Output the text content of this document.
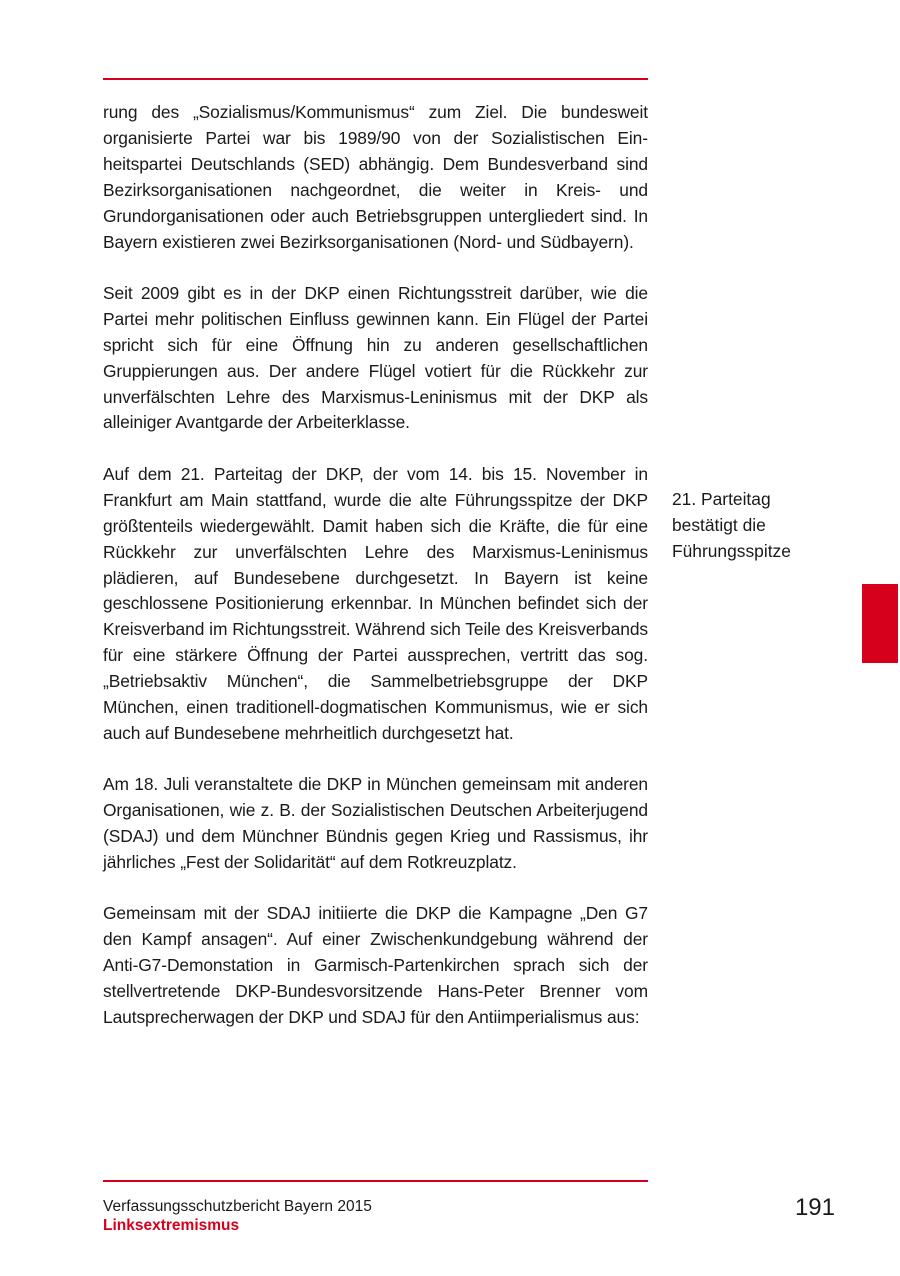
rung des „Sozialismus/Kommunismus“ zum Ziel. Die bundesweit organisierte Partei war bis 1989/90 von der Sozialistischen Einheitspartei Deutschlands (SED) abhängig. Dem Bundesverband sind Bezirksorganisationen nachgeordnet, die weiter in Kreis- und Grundorganisationen oder auch Betriebsgruppen untergliedert sind. In Bayern existieren zwei Bezirksorganisationen (Nord- und Südbayern).

Seit 2009 gibt es in der DKP einen Richtungsstreit darüber, wie die Partei mehr politischen Einfluss gewinnen kann. Ein Flügel der Partei spricht sich für eine Öffnung hin zu anderen gesellschaftlichen Gruppierungen aus. Der andere Flügel votiert für die Rückkehr zur unverfälschten Lehre des Marxismus-Leninismus mit der DKP als alleiniger Avantgarde der Arbeiterklasse.

Auf dem 21. Parteitag der DKP, der vom 14. bis 15. November in Frankfurt am Main stattfand, wurde die alte Führungsspitze der DKP größtenteils wiedergewählt. Damit haben sich die Kräfte, die für eine Rückkehr zur unverfälschten Lehre des Marxismus-Leninismus plädieren, auf Bundesebene durchgesetzt. In Bayern ist keine geschlossene Positionierung erkennbar. In München befindet sich der Kreisverband im Richtungsstreit. Während sich Teile des Kreisverbands für eine stärkere Öffnung der Partei aussprechen, vertritt das sog. „Betriebsaktiv München“, die Sammelbetriebsgruppe der DKP München, einen traditionell-dogmatischen Kommunismus, wie er sich auch auf Bundesebene mehrheitlich durchgesetzt hat.

Am 18. Juli veranstaltete die DKP in München gemeinsam mit anderen Organisationen, wie z. B. der Sozialistischen Deutschen Arbeiterjugend (SDAJ) und dem Münchner Bündnis gegen Krieg und Rassismus, ihr jährliches „Fest der Solidarität“ auf dem Rotkreuzplatz.

Gemeinsam mit der SDAJ initiierte die DKP die Kampagne „Den G7 den Kampf ansagen“. Auf einer Zwischenkundgebung während der Anti-G7-Demonstation in Garmisch-Partenkirchen sprach sich der stellvertretende DKP-Bundesvorsitzende Hans-Peter Brenner vom Lautsprecherwagen der DKP und SDAJ für den Antiimperialismus aus:

21. Parteitag
bestätigt die
Führungsspitze
Verfassungsschutzbericht Bayern 2015
Linksextremismus
191
